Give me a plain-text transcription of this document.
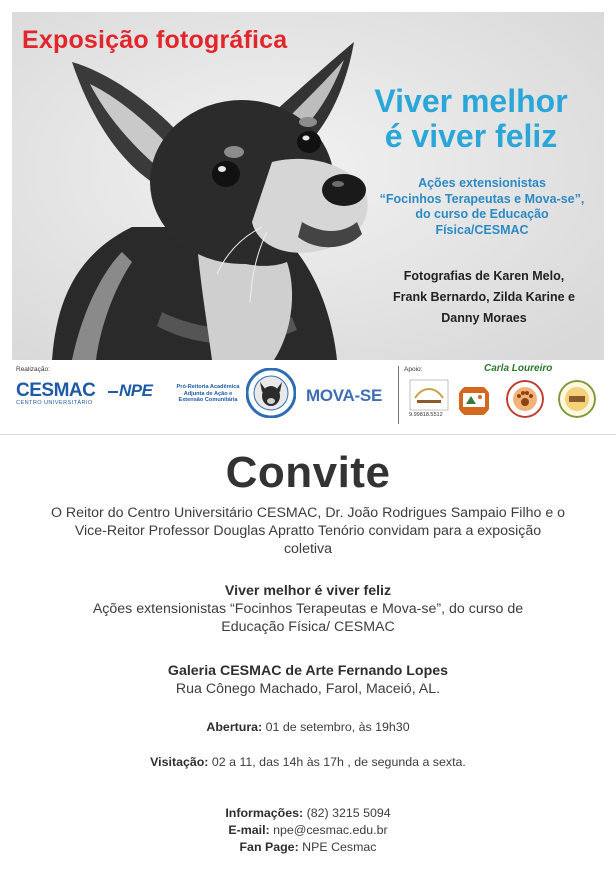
Exposição fotográfica
Viver melhor
é viver feliz
Ações extensionistas
“Focinhos Terapeutas e Mova-se”,
do curso de Educação
Física/CESMAC
Fotografias de Karen Melo,
Frank Bernardo, Zilda Karine e
Danny Moraes
Realização:
CESMAC
CENTRO UNIVERSITÁRIO
NPE	Pró-Reitoria Acadêmica
Adjunta de Ação e
Extensão Comunitária	MOVA-SE
Apoio:
9.99818.5512
Carla Loureiro
Convite
O Reitor do Centro Universitário CESMAC, Dr. João Rodrigues Sampaio Filho e o
Vice-Reitor Professor Douglas Apratto Tenório convidam para a exposição
coletiva
Viver melhor é viver feliz
Ações extensionistas “Focinhos Terapeutas e Mova-se”, do curso de
Educação Física/ CESMAC
Galeria CESMAC de Arte Fernando Lopes
Rua Cônego Machado, Farol, Maceió, AL.
Abertura: 01 de setembro, às 19h30
Visitação: 02 a 11, das 14h às 17h , de segunda a sexta.
Informações: (82) 3215 5094
E-mail: npe@cesmac.edu.br
Fan Page: NPE Cesmac
